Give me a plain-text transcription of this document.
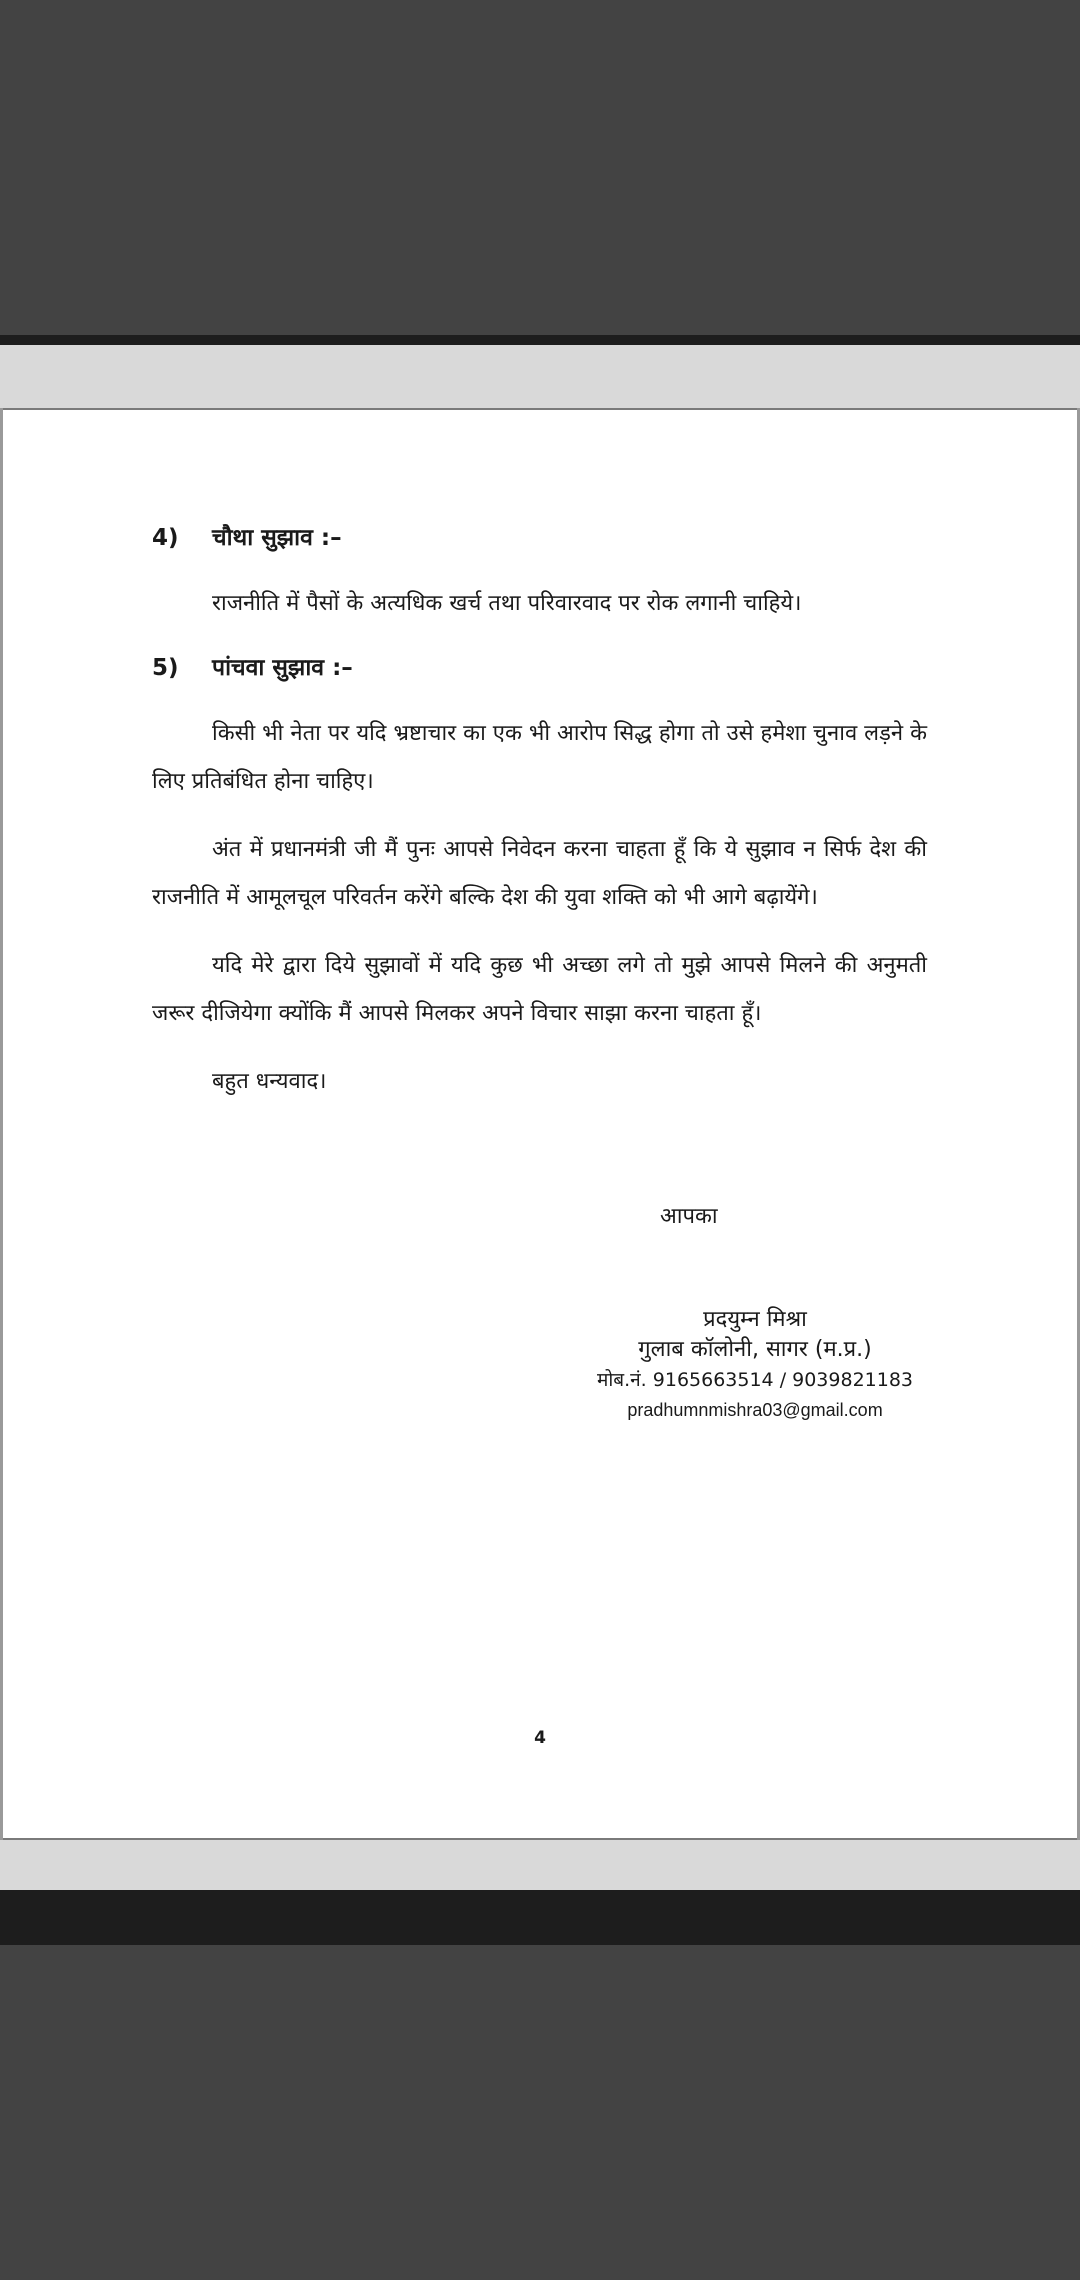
4)	चौथा सुझाव :–

राजनीति में पैसों के अत्यधिक खर्च तथा परिवारवाद पर रोक लगानी चाहिये।

5)	पांचवा सुझाव :–

किसी भी नेता पर यदि भ्रष्टाचार का एक भी आरोप सिद्ध होगा तो उसे हमेशा चुनाव लड़ने के लिए प्रतिबंधित होना चाहिए।

अंत में प्रधानमंत्री जी मैं पुनः आपसे निवेदन करना चाहता हूँ कि ये सुझाव न सिर्फ देश की राजनीति में आमूलचूल परिवर्तन करेंगे बल्कि देश की युवा शक्ति को भी आगे बढ़ायेंगे।

यदि मेरे द्वारा दिये सुझावों में यदि कुछ भी अच्छा लगे तो मुझे आपसे मिलने की अनुमती जरूर दीजियेगा क्योंकि मैं आपसे मिलकर अपने विचार साझा करना चाहता हूँ।

बहुत धन्यवाद।
आपका
प्रदयुम्न मिश्रा
गुलाब कॉलोनी, सागर (म.प्र.)
मोब.नं. 9165663514 / 9039821183
pradhumnmishra03@gmail.com
4
